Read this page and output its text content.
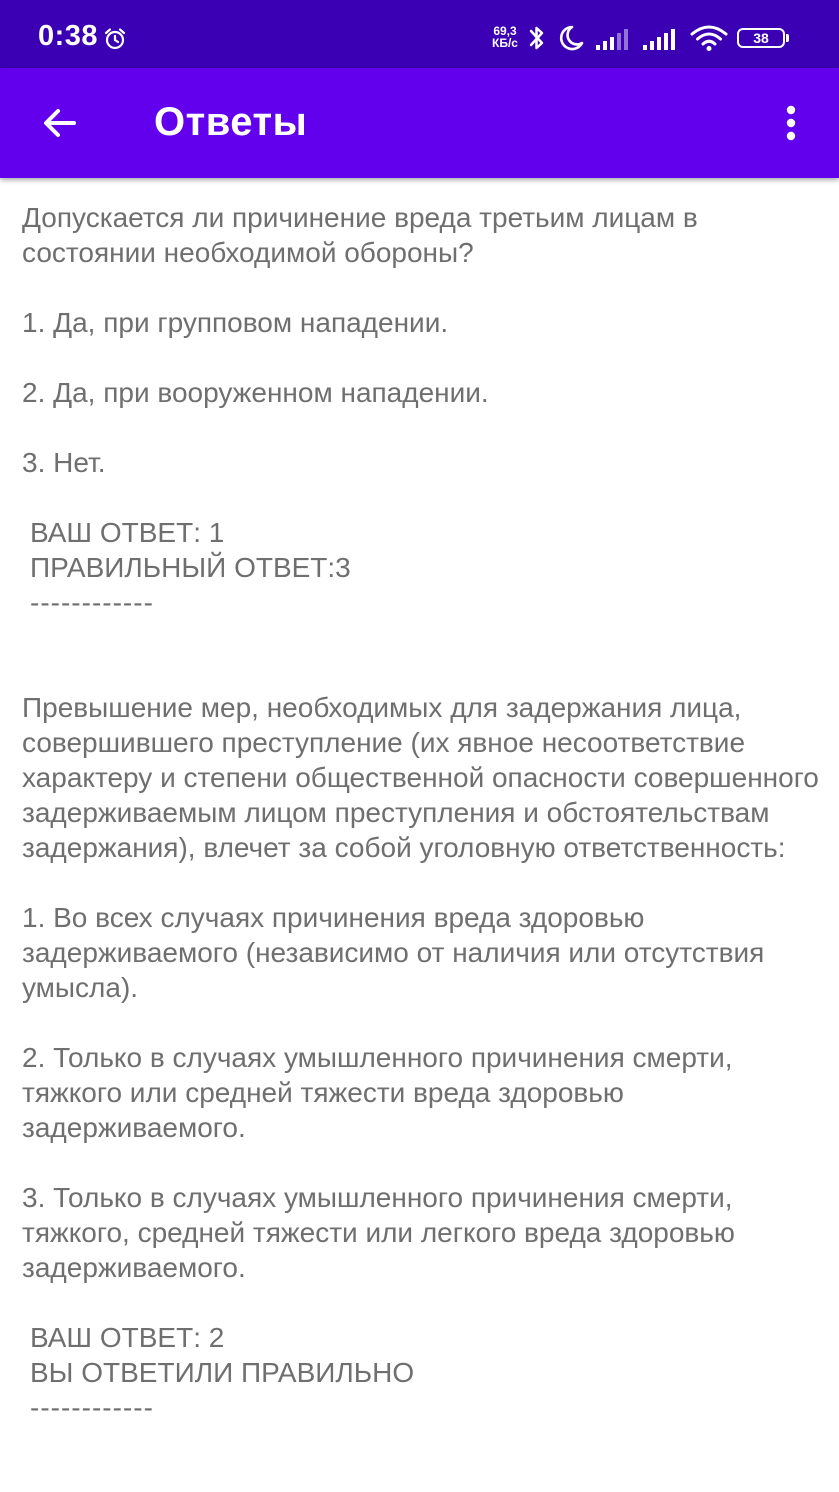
0:38	69,3
КБ/с	38
Ответы

Допускается ли причинение вреда третьим лицам в состоянии необходимой обороны?

1. Да, при групповом нападении.

2. Да, при вооруженном нападении.

3. Нет.

ВАШ ОТВЕТ: 1

ПРАВИЛЬНЫЙ ОТВЕТ:3

------------

Превышение мер, необходимых для задержания лица, совершившего преступление (их явное несоответствие характеру и степени общественной опасности совершенного задерживаемым лицом преступления и обстоятельствам задержания), влечет за собой уголовную ответственность:

1. Во всех случаях причинения вреда здоровью задерживаемого (независимо от наличия или отсутствия умысла).

2. Только в случаях умышленного причинения смерти, тяжкого или средней тяжести вреда здоровью задерживаемого.

3. Только в случаях умышленного причинения смерти, тяжкого, средней тяжести или легкого вреда здоровью задерживаемого.

ВАШ ОТВЕТ: 2

ВЫ ОТВЕТИЛИ ПРАВИЛЬНО

------------
